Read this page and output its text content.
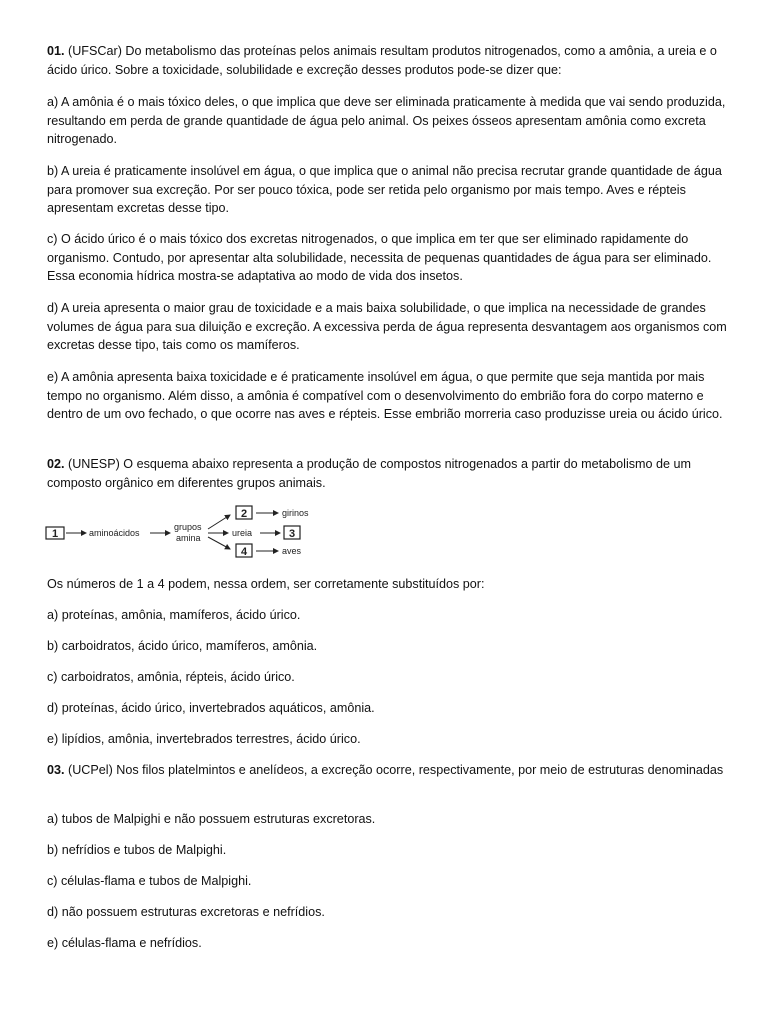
01. (UFSCar) Do metabolismo das proteínas pelos animais resultam produtos nitrogenados, como a amônia, a ureia e o ácido úrico. Sobre a toxicidade, solubilidade e excreção desses produtos pode-se dizer que:

a) A amônia é o mais tóxico deles, o que implica que deve ser eliminada praticamente à medida que vai sendo produzida, resultando em perda de grande quantidade de água pelo animal. Os peixes ósseos apresentam amônia como excreta nitrogenado.

b) A ureia é praticamente insolúvel em água, o que implica que o animal não precisa recrutar grande quantidade de água para promover sua excreção. Por ser pouco tóxica, pode ser retida pelo organismo por mais tempo. Aves e répteis apresentam excretas desse tipo.

c) O ácido úrico é o mais tóxico dos excretas nitrogenados, o que implica em ter que ser eliminado rapidamente do organismo. Contudo, por apresentar alta solubilidade, necessita de pequenas quantidades de água para ser eliminado. Essa economia hídrica mostra-se adaptativa ao modo de vida dos insetos.

d) A ureia apresenta o maior grau de toxicidade e a mais baixa solubilidade, o que implica na necessidade de grandes volumes de água para sua diluição e excreção. A excessiva perda de água representa desvantagem aos organismos com excretas desse tipo, tais como os mamíferos.

e) A amônia apresenta baixa toxicidade e é praticamente insolúvel em água, o que permite que seja mantida por mais tempo no organismo. Além disso, a amônia é compatível com o desenvolvimento do embrião fora do corpo materno e dentro de um ovo fechado, o que ocorre nas aves e répteis. Esse embrião morreria caso produzisse ureia ou ácido úrico.

02. (UNESP) O esquema abaixo representa a produção de compostos nitrogenados a partir do metabolismo de um composto orgânico em diferentes grupos animais.

1	aminoácidos
grupos
amina
2	girinos
ureia	3
4	aves

Os números de 1 a 4 podem, nessa ordem, ser corretamente substituídos por:

a) proteínas, amônia, mamíferos, ácido úrico.

b) carboidratos, ácido úrico, mamíferos, amônia.

c) carboidratos, amônia, répteis, ácido úrico.

d) proteínas, ácido úrico, invertebrados aquáticos, amônia.

e) lipídios, amônia, invertebrados terrestres, ácido úrico.

03. (UCPel) Nos filos platelmintos e anelídeos, a excreção ocorre, respectivamente, por meio de estruturas denominadas

a) tubos de Malpighi e não possuem estruturas excretoras.

b) nefrídios e tubos de Malpighi.

c) células-flama e tubos de Malpighi.

d) não possuem estruturas excretoras e nefrídios.

e) células-flama e nefrídios.
